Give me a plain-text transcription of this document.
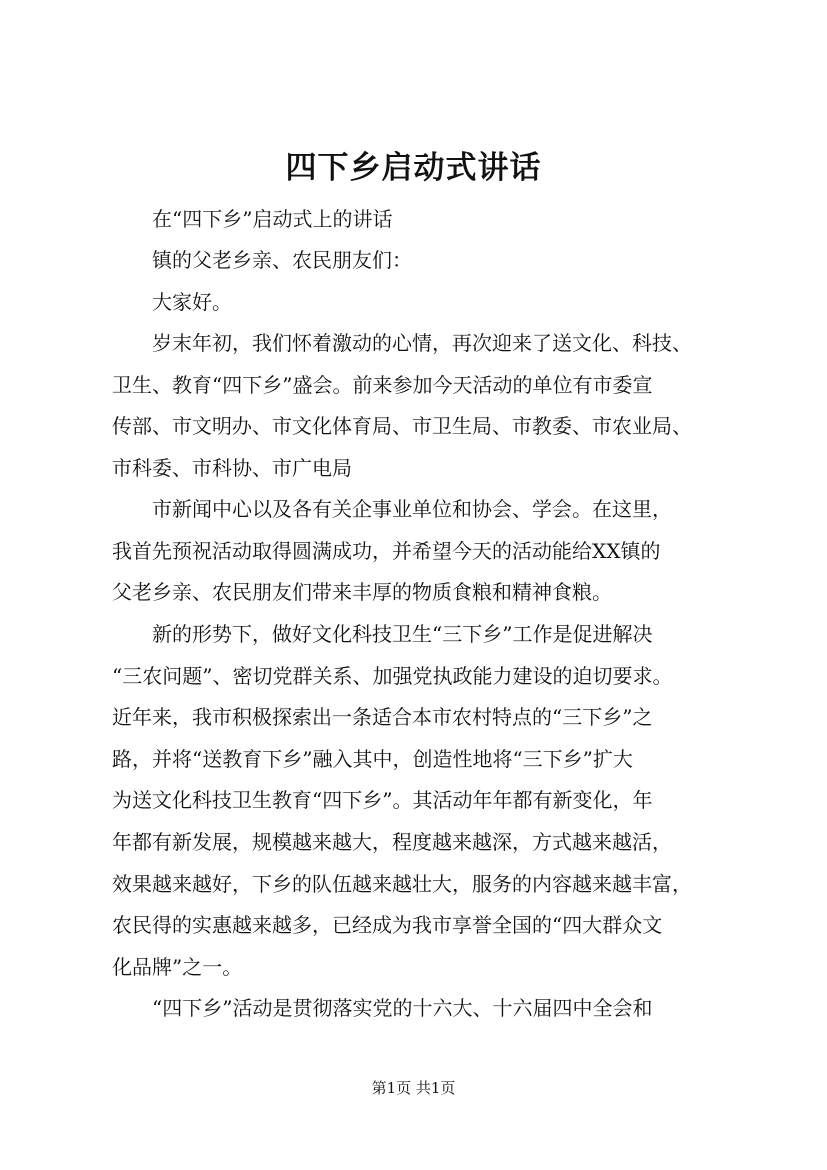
四下乡启动式讲话
在“四下乡”启动式上的讲话
镇的父老乡亲、农民朋友们：
大家好。
岁末年初，我们怀着激动的心情，再次迎来了送文化、科技、
卫生、教育“四下乡”盛会。前来参加今天活动的单位有市委宣
传部、市文明办、市文化体育局、市卫生局、市教委、市农业局、
市科委、市科协、市广电局
市新闻中心以及各有关企事业单位和协会、学会。在这里，
我首先预祝活动取得圆满成功，并希望今天的活动能给XX镇的
父老乡亲、农民朋友们带来丰厚的物质食粮和精神食粮。
新的形势下，做好文化科技卫生“三下乡”工作是促进解决
“三农问题”、密切党群关系、加强党执政能力建设的迫切要求。
近年来，我市积极探索出一条适合本市农村特点的“三下乡”之
路，并将“送教育下乡”融入其中，创造性地将“三下乡”扩大
为送文化科技卫生教育“四下乡”。其活动年年都有新变化，年
年都有新发展，规模越来越大，程度越来越深，方式越来越活，
效果越来越好，下乡的队伍越来越壮大，服务的内容越来越丰富，
农民得的实惠越来越多，已经成为我市享誉全国的“四大群众文
化品牌”之一。
“四下乡”活动是贯彻落实党的十六大、十六届四中全会和
第1页 共1页
